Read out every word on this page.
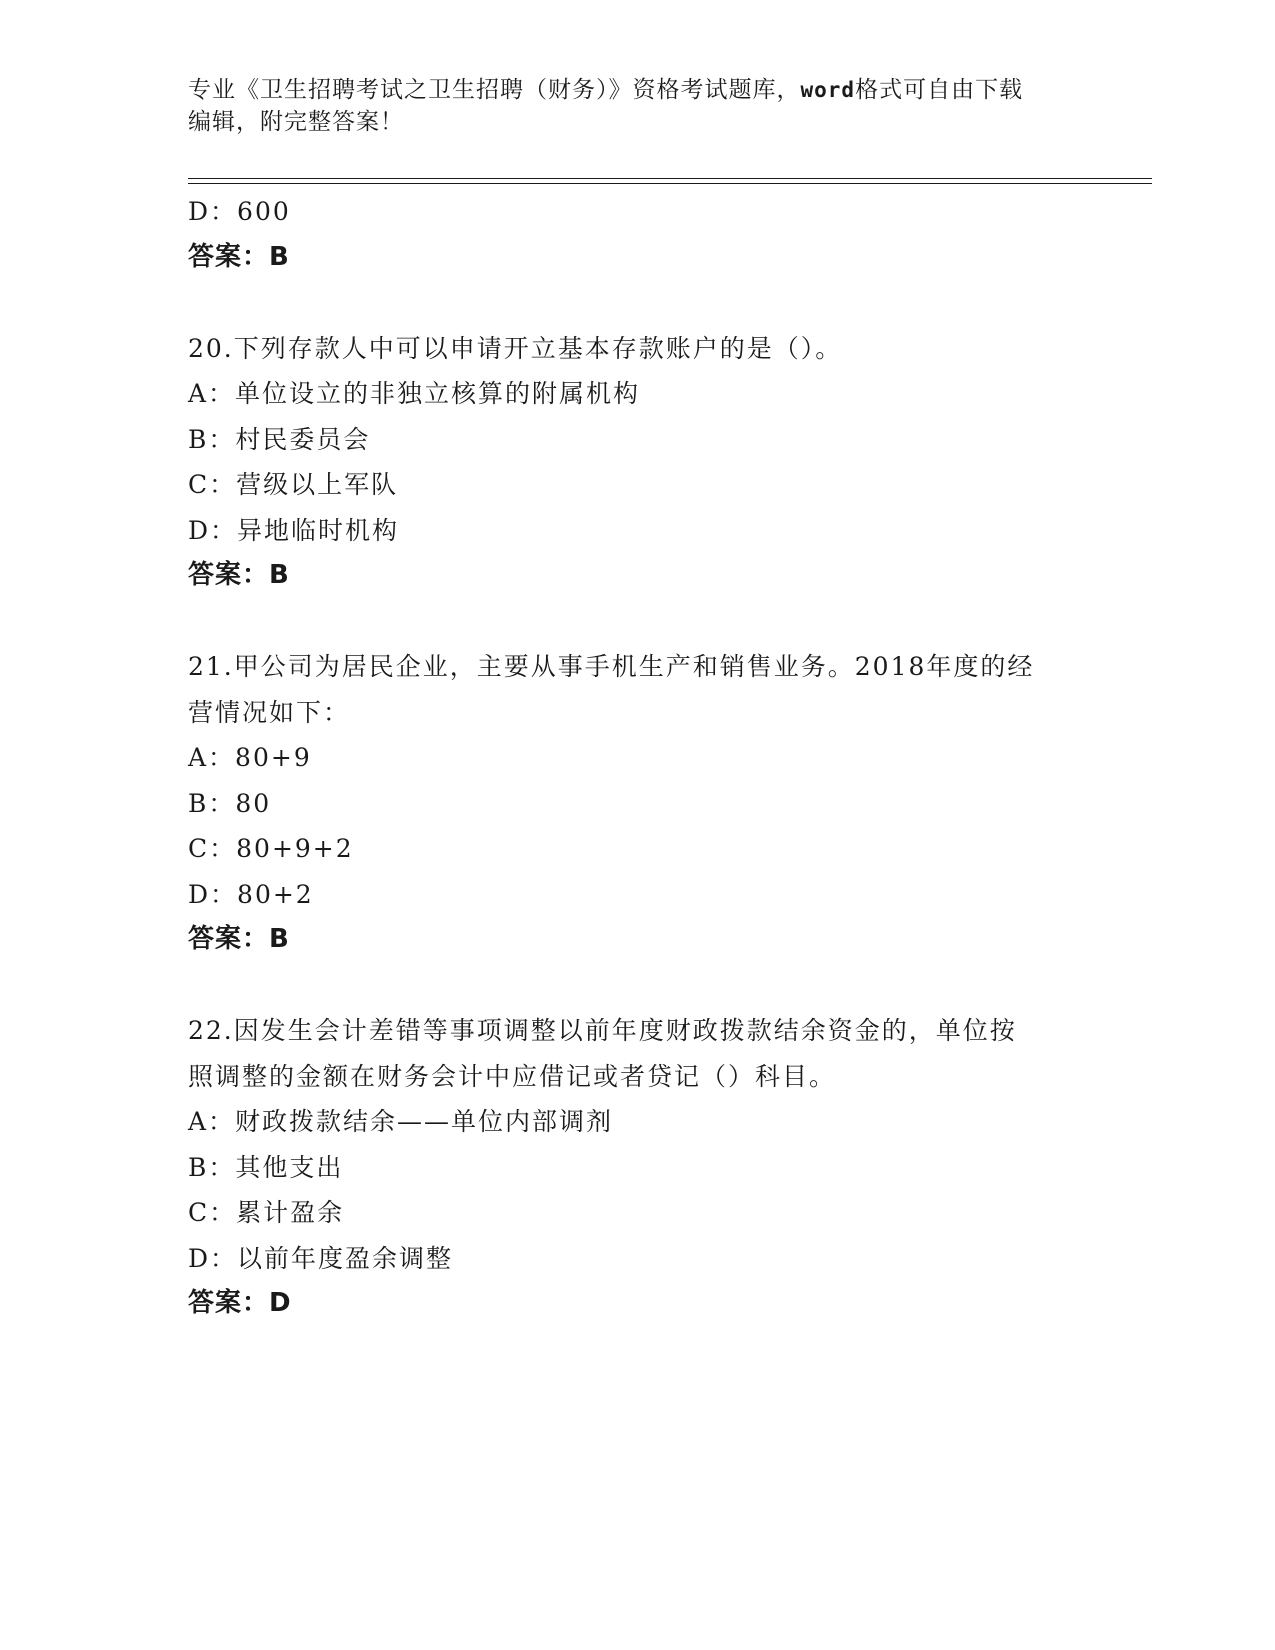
专业《卫生招聘考试之卫生招聘（财务）》资格考试题库，word格式可自由下载
编辑，附完整答案！
D：600
答案：B
20.下列存款人中可以申请开立基本存款账户的是（）。
A：单位设立的非独立核算的附属机构
B：村民委员会
C：营级以上军队
D：异地临时机构
答案：B
21.甲公司为居民企业，主要从事手机生产和销售业务。2018年度的经
营情况如下：
A：80+9
B：80
C：80+9+2
D：80+2
答案：B
22.因发生会计差错等事项调整以前年度财政拨款结余资金的，单位按
照调整的金额在财务会计中应借记或者贷记（）科目。
A：财政拨款结余——单位内部调剂
B：其他支出
C：累计盈余
D：以前年度盈余调整
答案：D
